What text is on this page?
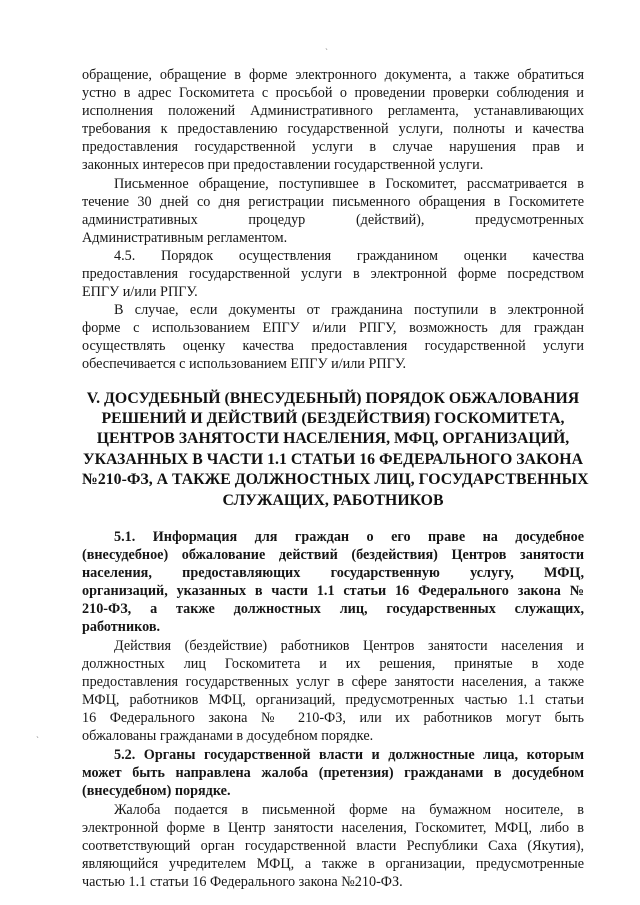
ˏ
обращение, обращение в форме электронного документа, а также обратиться
устно в адрес Госкомитета с просьбой о проведении проверки соблюдения и
исполнения положений Административного регламента, устанавливающих
требования к предоставлению государственной услуги, полноты и качества
предоставления государственной услуги в случае нарушения прав и
законных интересов при предоставлении государственной услуги.
Письменное обращение, поступившее в Госкомитет, рассматривается в
течение 30 дней со дня регистрации письменного обращения в Госкомитете
административных процедур (действий), предусмотренных
Административным регламентом.
4.5. Порядок осуществления гражданином оценки качества
предоставления государственной услуги в электронной форме посредством
ЕПГУ и/или РПГУ.
В случае, если документы от гражданина поступили в электронной
форме с использованием ЕПГУ и/или РПГУ, возможность для граждан
осуществлять оценку качества предоставления государственной услуги
обеспечивается с использованием ЕПГУ и/или РПГУ.
V. ДОСУДЕБНЫЙ (ВНЕСУДЕБНЫЙ) ПОРЯДОК ОБЖАЛОВАНИЯ
РЕШЕНИЙ И ДЕЙСТВИЙ (БЕЗДЕЙСТВИЯ) ГОСКОМИТЕТА,
ЦЕНТРОВ ЗАНЯТОСТИ НАСЕЛЕНИЯ, МФЦ, ОРГАНИЗАЦИЙ,
УКАЗАННЫХ В ЧАСТИ 1.1 СТАТЬИ 16 ФЕДЕРАЛЬНОГО ЗАКОНА
№210-ФЗ, А ТАКЖЕ ДОЛЖНОСТНЫХ ЛИЦ, ГОСУДАРСТВЕННЫХ
СЛУЖАЩИХ, РАБОТНИКОВ
5.1. Информация для граждан о его праве на досудебное
(внесудебное) обжалование действий (бездействия) Центров занятости
населения, предоставляющих государственную услугу, МФЦ,
организаций, указанных в части 1.1 статьи 16 Федерального закона №
210-ФЗ, а также должностных лиц, государственных служащих,
работников.
Действия (бездействие) работников Центров занятости населения и
должностных лиц Госкомитета и их решения, принятые в ходе
предоставления государственных услуг в сфере занятости населения, а также
МФЦ, работников МФЦ, организаций, предусмотренных частью 1.1 статьи
16 Федерального закона № 210-ФЗ, или их работников могут быть
обжалованы гражданами в досудебном порядке.
5.2. Органы государственной власти и должностные лица, которым
может быть направлена жалоба (претензия) гражданами в досудебном
(внесудебном) порядке.
Жалоба подается в письменной форме на бумажном носителе, в
электронной форме в Центр занятости населения, Госкомитет, МФЦ, либо в
соответствующий орган государственной власти Республики Саха (Якутия),
являющийся учредителем МФЦ, а также в организации, предусмотренные
частью 1.1 статьи 16 Федерального закона №210-ФЗ.
ˎ
